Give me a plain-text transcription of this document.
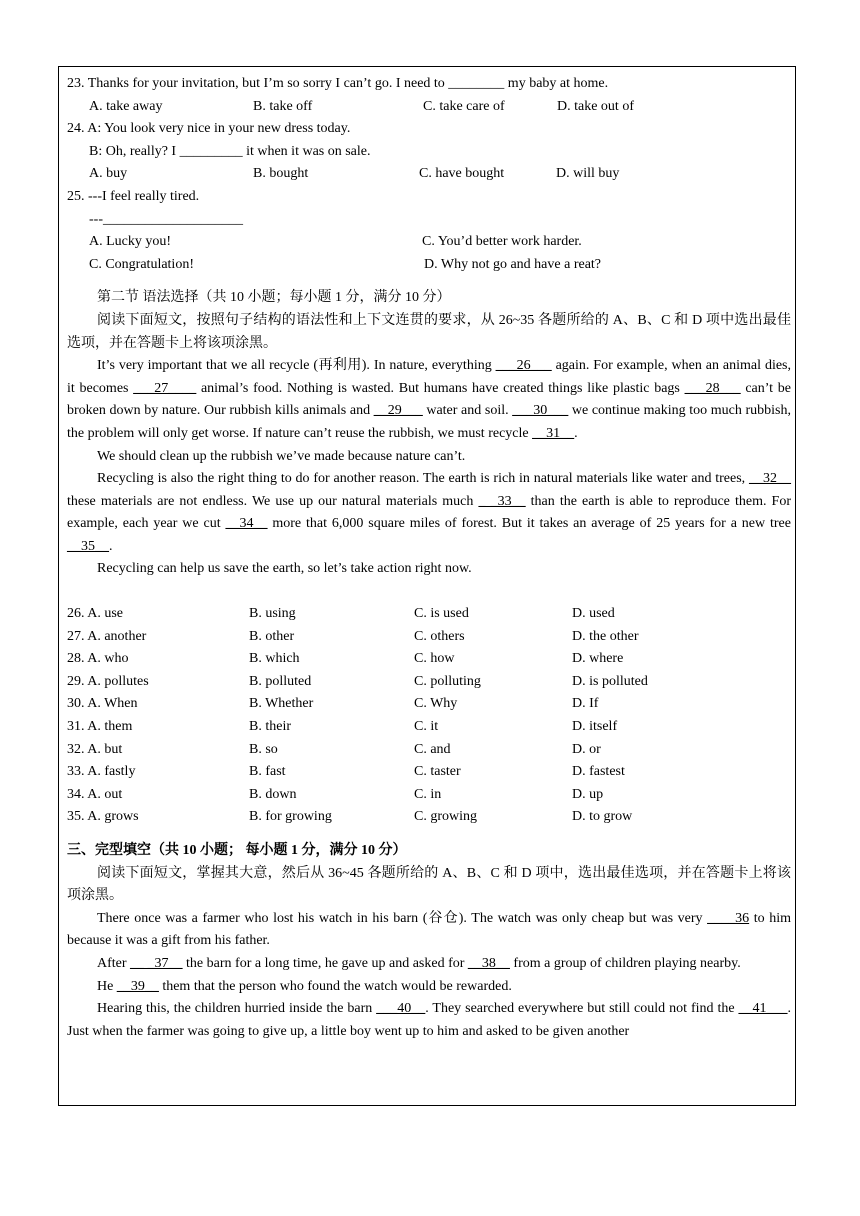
23. Thanks for your invitation, but I’m so sorry I can’t go. I need to ________ my baby at home.
A. take away	B. take off	C. take care of	D. take out of
24. A: You look very nice in your new dress today.
B: Oh, really? I _________ it when it was on sale.
A. buy	B. bought	C. have bought	D. will buy
25. ---I feel really tired.
---____________________
A. Lucky you!	C. You’d better work harder.
C. Congratulation!	D. Why not go and have a reat?
第二节 语法选择（共 10 小题；每小题 1 分，满分 10 分）
阅读下面短文，按照句子结构的语法性和上下文连贯的要求，从 26~35 各题所给的 A、B、C 和 D 项中选出最佳选项，并在答题卡上将该项涂黑。
It’s very important that we all recycle (再利用). In nature, everything ___26___ again. For example, when an animal dies, it becomes ___27____ animal’s food. Nothing is wasted. But humans have created things like plastic bags ___28___ can’t be broken down by nature. Our rubbish kills animals and __29___ water and soil. ___30___ we continue making too much rubbish, the problem will only get worse. If nature can’t reuse the rubbish, we must recycle __31__.
We should clean up the rubbish we’ve made because nature can’t.
Recycling is also the right thing to do for another reason. The earth is rich in natural materials like water and trees, __32__ these materials are not endless. We use up our natural materials much _ _33__ than the earth is able to reproduce them. For example, each year we cut __34__ more that 6,000 square miles of forest. But it takes an average of 25 years for a new tree __35__.
Recycling can help us save the earth, so let’s take action right now.
26. A. use	B. using	C. is used	D. used
27. A. another	B. other	C. others	D. the other
28. A. who	B. which	C. how	D. where
29. A. pollutes	B. polluted	C. polluting	D. is polluted
30. A. When	B. Whether	C. Why	D. If
31. A. them	B. their	C. it	D. itself
32. A. but	B. so	C. and	D. or
33. A. fastly	B. fast	C. taster	D. fastest
34. A. out	B. down	C. in	D. up
35. A. grows	B. for growing	C. growing	D. to grow
三、完型填空（共 10 小题； 每小题 1 分，满分 10 分）
阅读下面短文，掌握其大意，然后从 36~45 各题所给的 A、B、C 和 D 项中，选出最佳选项，并在答题卡上将该项涂黑。
There once was a farmer who lost his watch in his barn (谷仓). The watch was only cheap but was very ____36 to him because it was a gift from his father.
After __ _37__ the barn for a long time, he gave up and asked for __38__ from a group of children playing nearby.
He __39__ them that the person who found the watch would be rewarded.
Hearing this, the children hurried inside the barn ___40__. They searched everywhere but still could not find the __41___. Just when the farmer was going to give up, a little boy went up to him and asked to be given another
